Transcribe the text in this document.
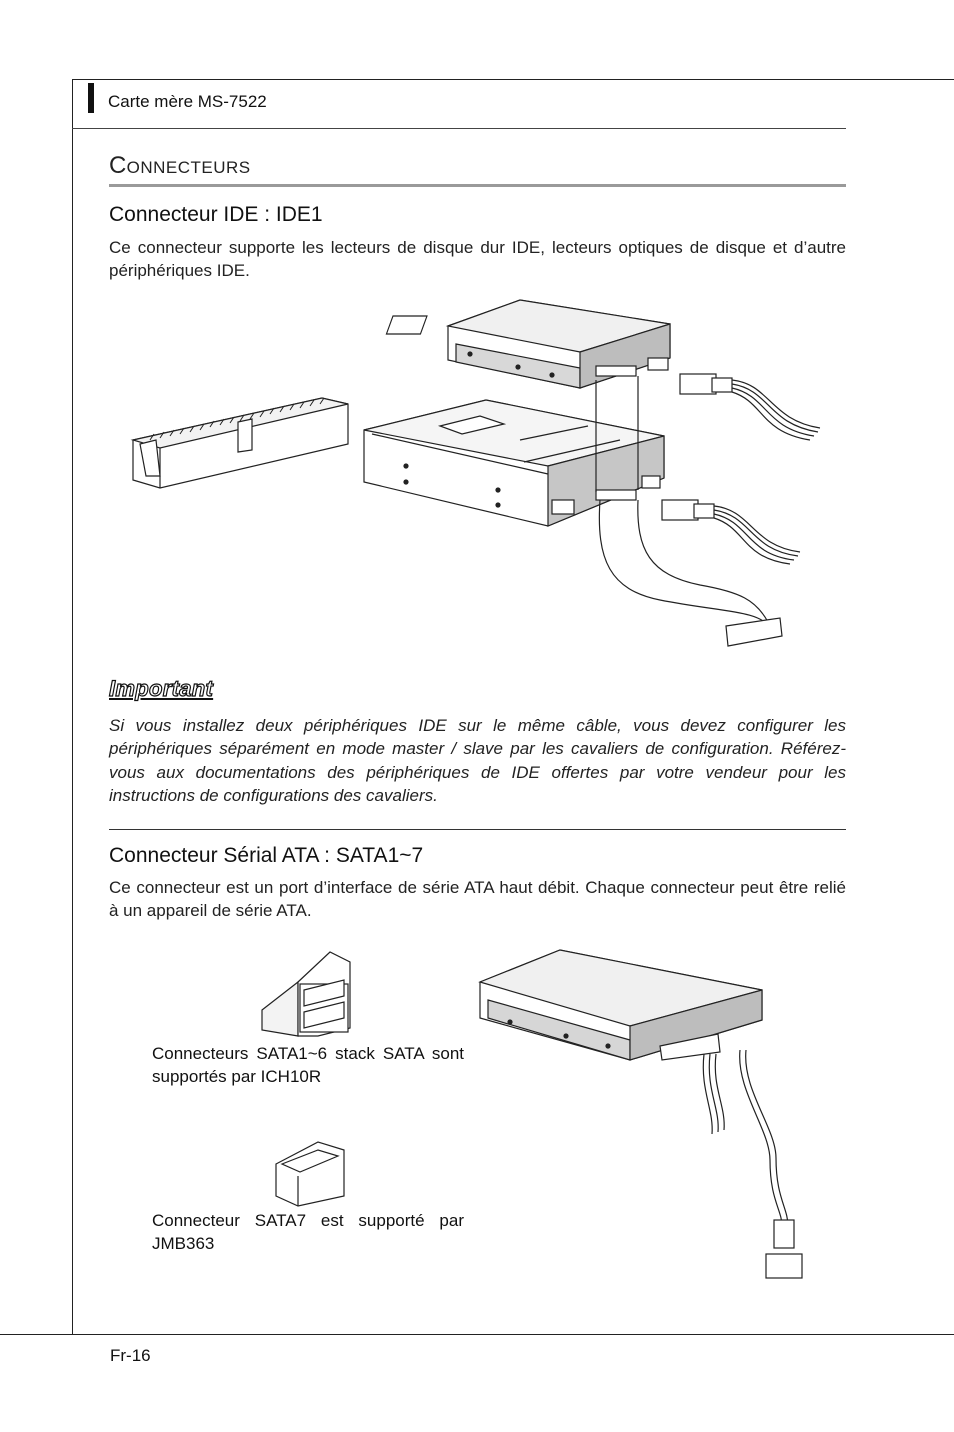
Carte mère MS-7522
CONNECTEURS
Connecteur IDE : IDE1

Ce connecteur supporte les lecteurs de disque dur IDE, lecteurs optiques de disque et d’autre périphériques IDE.

Important

Si vous installez deux périphériques IDE sur le même câble, vous devez configurer les périphériques séparément en mode master / slave par les cavaliers de configuration. Référez-vous aux documentations des périphériques de IDE offertes par votre vendeur pour les instructions de configurations des cavaliers.

Connecteur Sérial ATA : SATA1~7

Ce connecteur est un port d’interface de série ATA haut débit. Chaque connecteur peut être relié à un appareil de série ATA.

Connecteurs SATA1~6 stack SATA sont supportés par ICH10R

Connecteur SATA7 est supporté par JMB363

Fr-16
